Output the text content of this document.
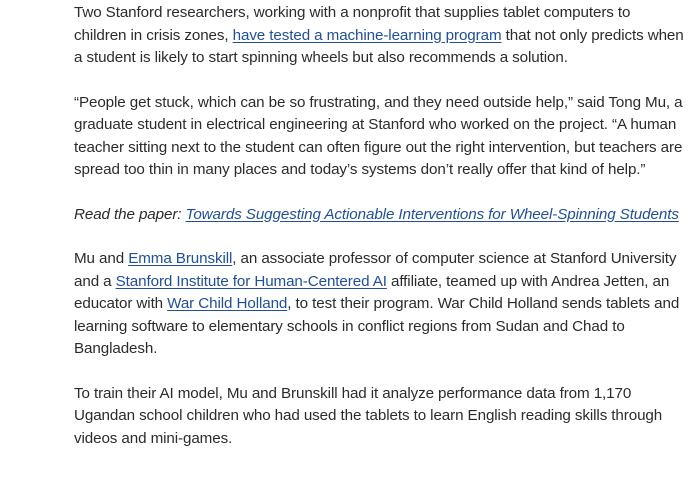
Two Stanford researchers, working with a nonprofit that supplies tablet computers to children in crisis zones, have tested a machine-learning program that not only predicts when a student is likely to start spinning wheels but also recommends a solution.

“People get stuck, which can be so frustrating, and they need outside help,” said Tong Mu, a graduate student in electrical engineering at Stanford who worked on the project. “A human teacher sitting next to the student can often figure out the right intervention, but teachers are spread too thin in many places and today’s systems don’t really offer that kind of help.”

Read the paper: Towards Suggesting Actionable Interventions for Wheel-Spinning Students

Mu and Emma Brunskill, an associate professor of computer science at Stanford University and a Stanford Institute for Human-Centered AI affiliate, teamed up with Andrea Jetten, an educator with War Child Holland, to test their program. War Child Holland sends tablets and learning software to elementary schools in conflict regions from Sudan and Chad to Bangladesh.

To train their AI model, Mu and Brunskill had it analyze performance data from 1,170 Ugandan school children who had used the tablets to learn English reading skills through videos and mini-games.
